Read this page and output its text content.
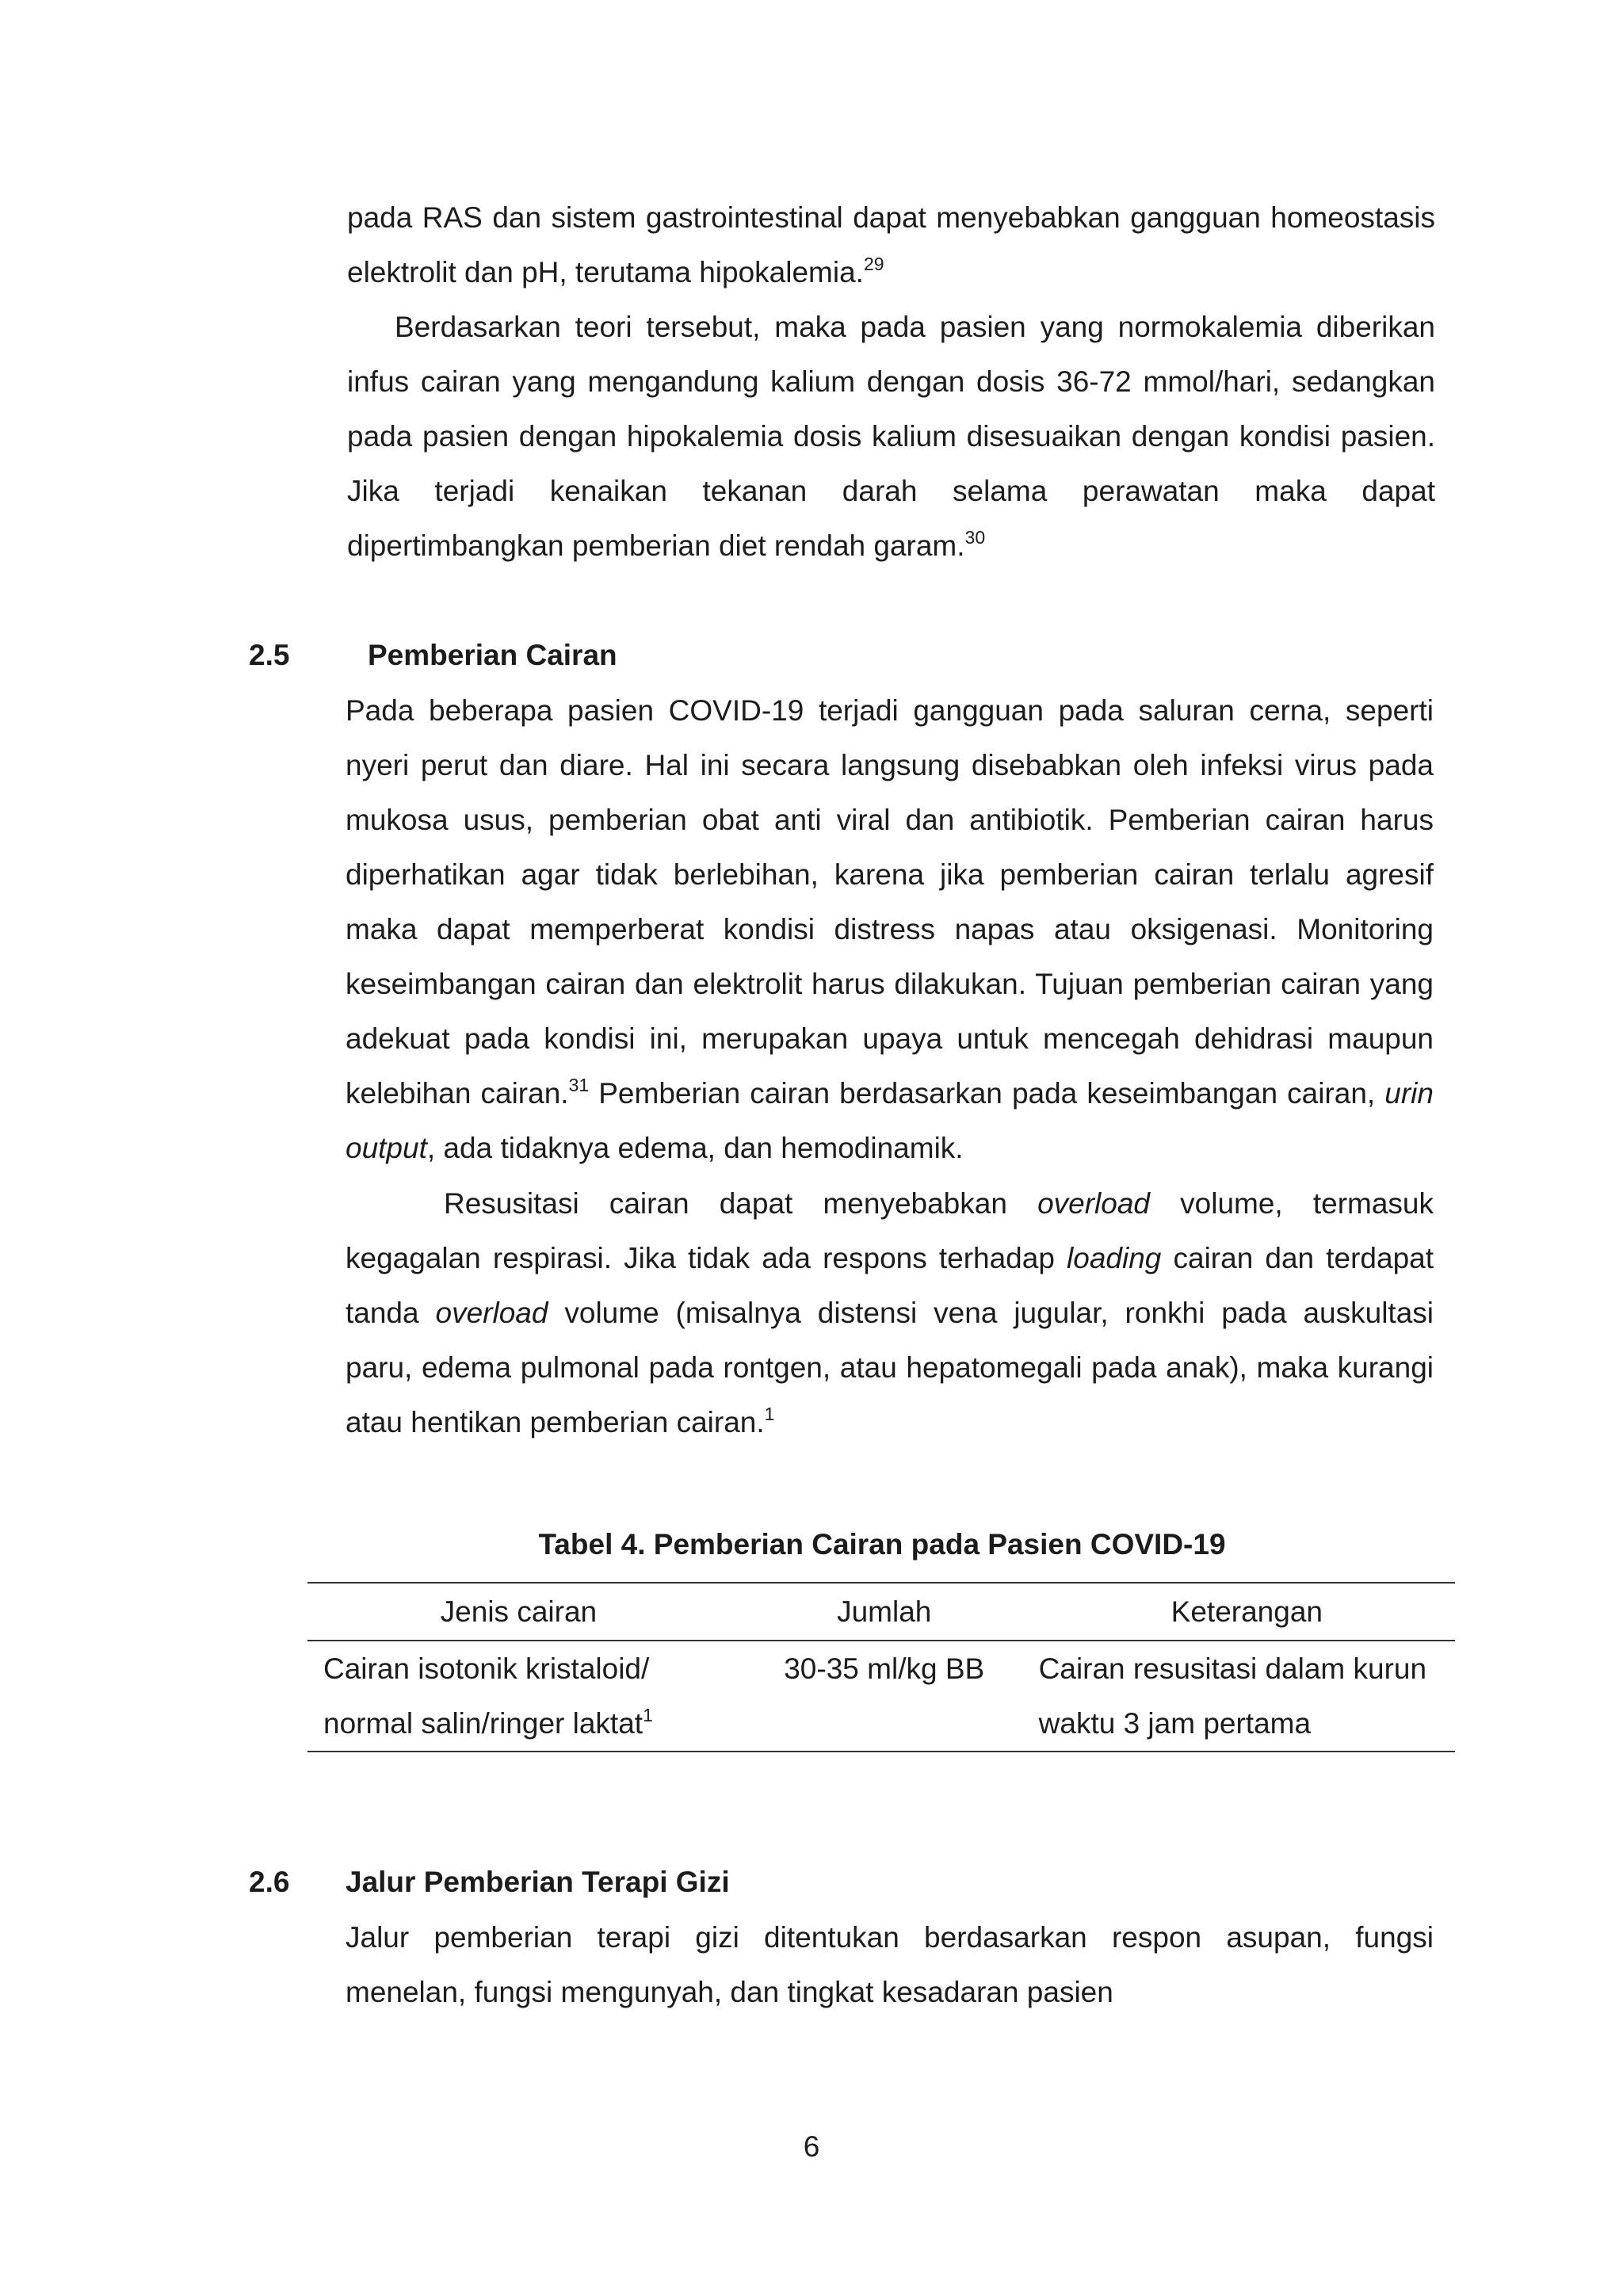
pada RAS dan sistem gastrointestinal dapat menyebabkan gangguan homeostasis
elektrolit dan pH, terutama hipokalemia.$^{29}$
Berdasarkan teori tersebut, maka pada pasien yang normokalemia diberikan
infus cairan yang mengandung kalium dengan dosis 36-72 mmol/hari, sedangkan
pada pasien dengan hipokalemia dosis kalium disesuaikan dengan kondisi pasien.
Jika terjadi kenaikan tekanan darah selama perawatan maka dapat
dipertimbangkan pemberian diet rendah garam.$^{30}$

2.5	Pemberian Cairan

Pada beberapa pasien COVID-19 terjadi gangguan pada saluran cerna, seperti
nyeri perut dan diare. Hal ini secara langsung disebabkan oleh infeksi virus pada
mukosa usus, pemberian obat anti viral dan antibiotik. Pemberian cairan harus
diperhatikan agar tidak berlebihan, karena jika pemberian cairan terlalu agresif
maka dapat memperberat kondisi distress napas atau oksigenasi. Monitoring
keseimbangan cairan dan elektrolit harus dilakukan. Tujuan pemberian cairan yang
adekuat pada kondisi ini, merupakan upaya untuk mencegah dehidrasi maupun
kelebihan cairan.$^{31}$ Pemberian cairan berdasarkan pada keseimbangan cairan, urin
output, ada tidaknya edema, dan hemodinamik.
Resusitasi cairan dapat menyebabkan overload volume, termasuk
kegagalan respirasi. Jika tidak ada respons terhadap loading cairan dan terdapat
tanda overload volume (misalnya distensi vena jugular, ronkhi pada auskultasi
paru, edema pulmonal pada rontgen, atau hepatomegali pada anak), maka kurangi
atau hentikan pemberian cairan.$^1$

Tabel 4. Pemberian Cairan pada Pasien COVID-19

Jenis cairan	Jumlah	Keterangan

Cairan isotonik kristaloid/
normal salin/ringer laktat$^1$	30-35 ml/kg BB	Cairan resusitasi dalam kurun
waktu 3 jam pertama

2.6 Jalur Pemberian Terapi Gizi

Jalur pemberian terapi gizi ditentukan berdasarkan respon asupan, fungsi
menelan, fungsi mengunyah, dan tingkat kesadaran pasien

6
